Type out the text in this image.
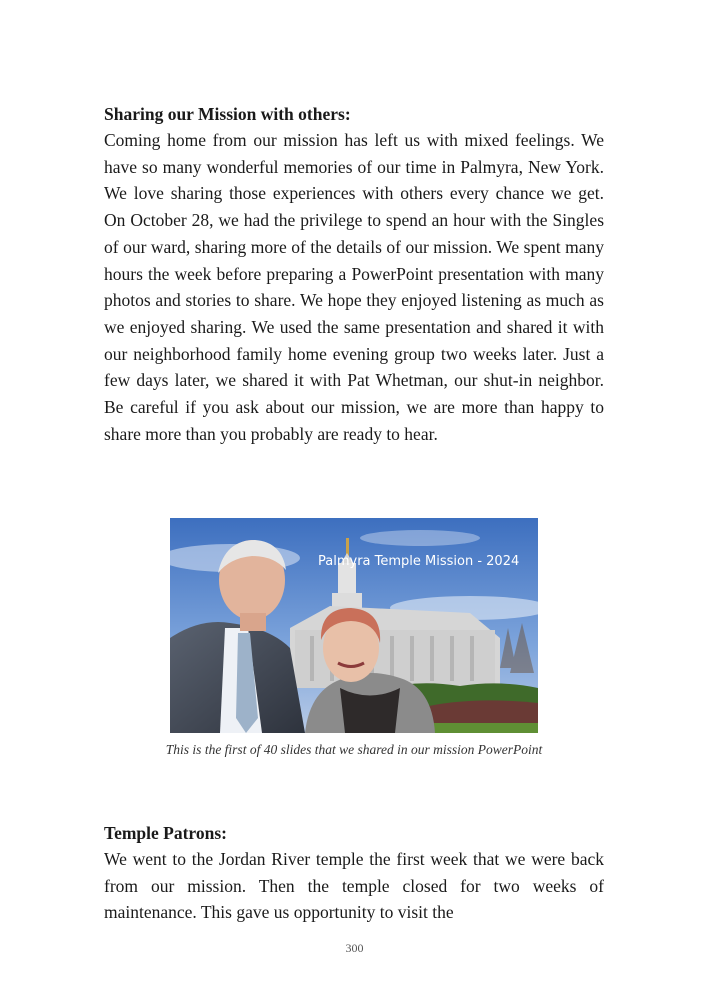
Sharing our Mission with others:
Coming home from our mission has left us with mixed feelings. We have so many wonderful memories of our time in Palmyra, New York. We love sharing those experiences with others every chance we get. On October 28, we had the privilege to spend an hour with the Singles of our ward, sharing more of the details of our mission. We spent many hours the week before preparing a PowerPoint presentation with many photos and stories to share. We hope they enjoyed listening as much as we enjoyed sharing. We used the same presentation and shared it with our neighborhood family home evening group two weeks later. Just a few days later, we shared it with Pat Whetman, our shut-in neighbor. Be careful if you ask about our mission, we are more than happy to share more than you probably are ready to hear.
Palmyra Temple Mission - 2024
This is the first of 40 slides that we shared in our mission PowerPoint
Temple Patrons:
We went to the Jordan River temple the first week that we were back from our mission. Then the temple closed for two weeks of maintenance. This gave us opportunity to visit the
300
